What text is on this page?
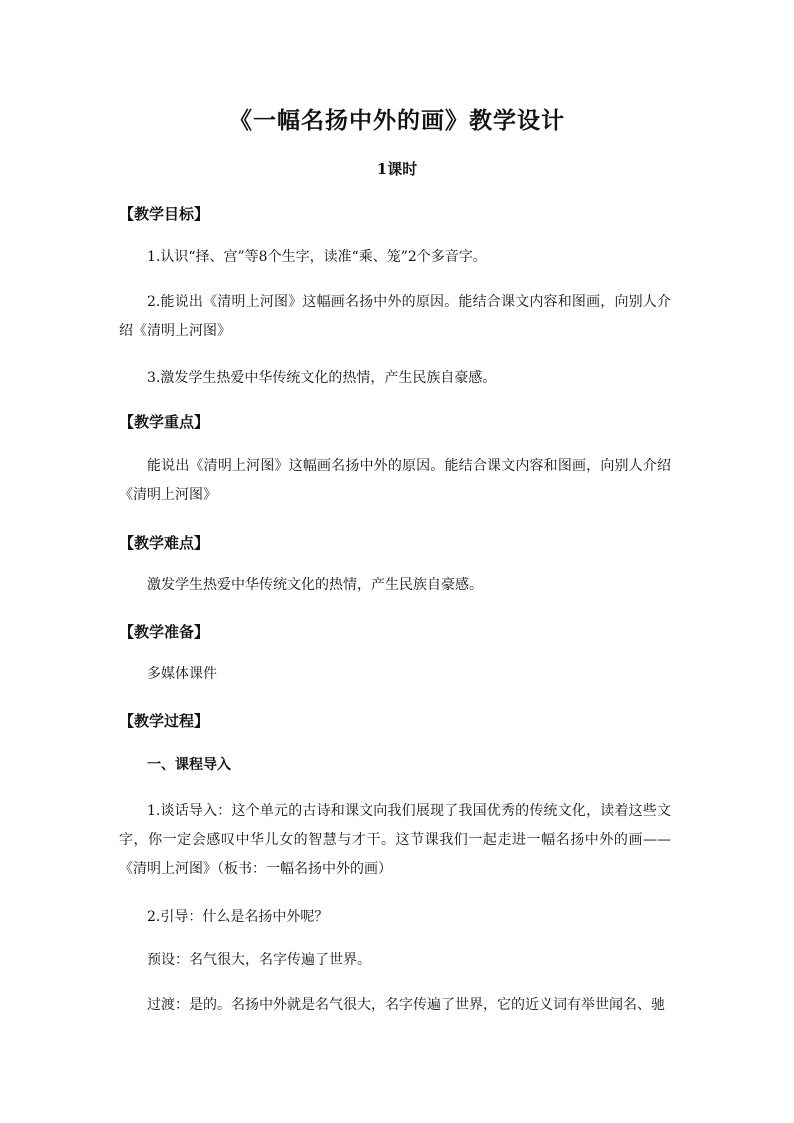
《一幅名扬中外的画》教学设计
1课时
【教学目标】
1.认识“择、宫”等8个生字，读准“乘、笼”2个多音字。
2.能说出《清明上河图》这幅画名扬中外的原因。能结合课文内容和图画，向别人介绍《清明上河图》
3.激发学生热爱中华传统文化的热情，产生民族自豪感。
【教学重点】
能说出《清明上河图》这幅画名扬中外的原因。能结合课文内容和图画，向别人介绍《清明上河图》
【教学难点】
激发学生热爱中华传统文化的热情，产生民族自豪感。
【教学准备】
多媒体课件
【教学过程】
一、课程导入
1.谈话导入：这个单元的古诗和课文向我们展现了我国优秀的传统文化，读着这些文字，你一定会感叹中华儿女的智慧与才干。这节课我们一起走进一幅名扬中外的画——《清明上河图》（板书：一幅名扬中外的画）
2.引导：什么是名扬中外呢？
预设：名气很大，名字传遍了世界。
过渡：是的。名扬中外就是名气很大，名字传遍了世界，它的近义词有举世闻名、驰
